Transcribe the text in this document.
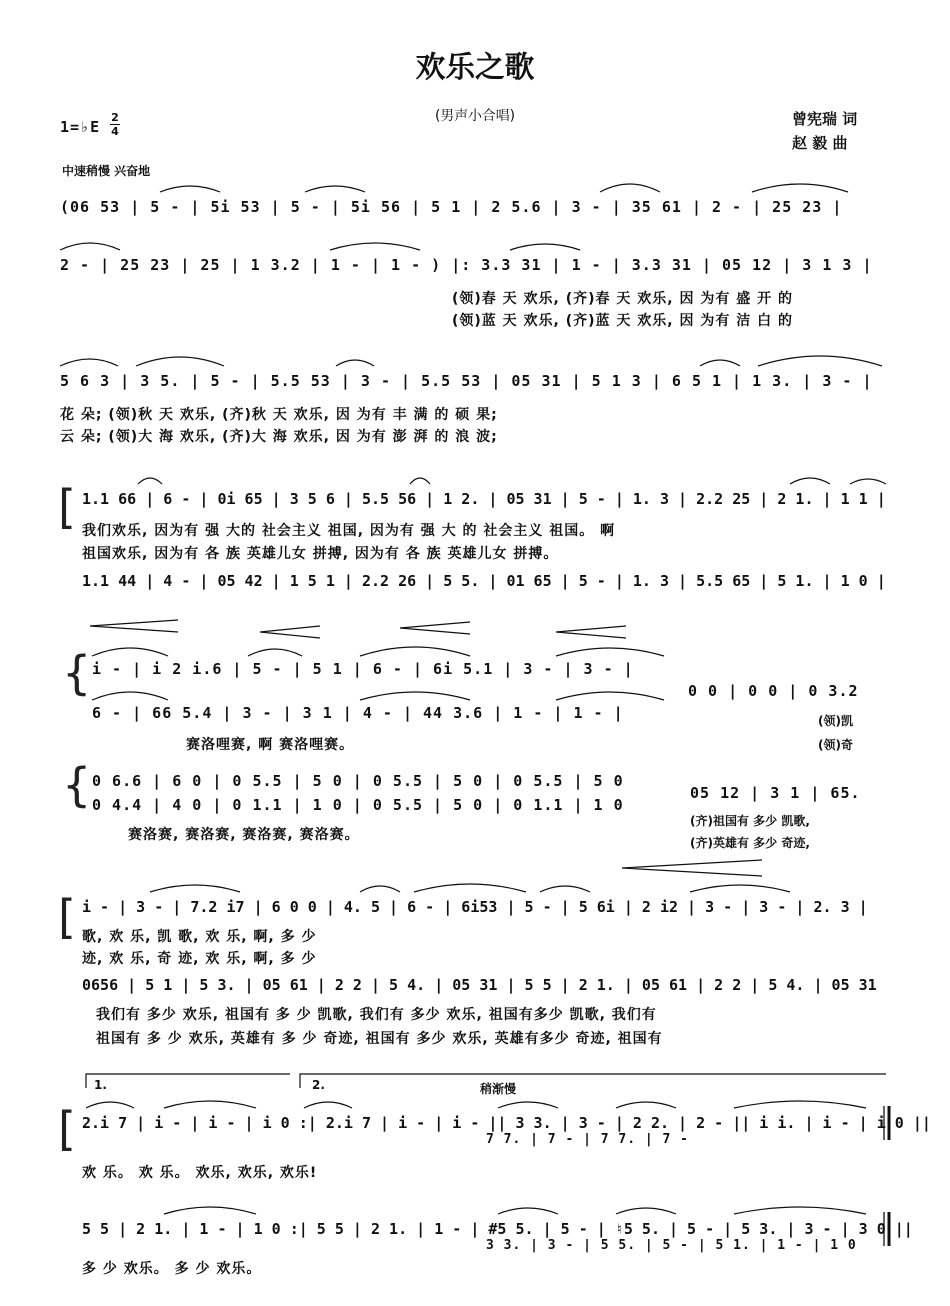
欢乐之歌
(男声小合唱)
1=♭E
2
4
曾宪瑞 词
赵 毅 曲
中速稍慢 兴奋地
(06 53 | 5 - | 5i 53 | 5 - | 5i 56 | 5 1 | 2 5.6 | 3 - | 35 61 | 2 - | 25 23 |
2 - | 25 23 | 25 | 1 3.2 | 1 - | 1 - ) |: 3.3 31 | 1 - | 3.3 31 | 05 12 | 3 1 3 |
(领)春 天 欢乐, (齐)春 天 欢乐, 因 为有 盛 开 的
(领)蓝 天 欢乐, (齐)蓝 天 欢乐, 因 为有 洁 白 的
5 6 3 | 3 5. | 5 - | 5.5 53 | 3 - | 5.5 53 | 05 31 | 5 1 3 | 6 5 1 | 1 3. | 3 - |
花 朵; (领)秋 天 欢乐, (齐)秋 天 欢乐, 因 为有 丰 满 的 硕 果;
云 朵; (领)大 海 欢乐, (齐)大 海 欢乐, 因 为有 澎 湃 的 浪 波;
[ 1.1 66 | 6 - | 0i 65 | 3 5 6 | 5.5 56 | 1 2. | 05 31 | 5 - | 1. 3 | 2.2 25 | 2 1. | 1 1 |
我们欢乐, 因为有 强 大的 社会主义 祖国, 因为有 强 大 的 社会主义 祖国。 啊
祖国欢乐, 因为有 各 族 英雄儿女 拼搏, 因为有 各 族 英雄儿女 拼搏。
1.1 44 | 4 - | 05 42 | 1 5 1 | 2.2 26 | 5 5. | 01 65 | 5 - | 1. 3 | 5.5 65 | 5 1. | 1 0 |
{ i - | i 2 i.6 | 5 - | 5 1 | 6 - | 6i 5.1 | 3 - | 3 - |
6 - | 66 5.4 | 3 - | 3 1 | 4 - | 44 3.6 | 1 - | 1 - |
0 0 | 0 0 | 0 3.2
赛洛哩赛, 啊 赛洛哩赛。
(领)凯
(领)奇
{ 0 6.6 | 6 0 | 0 5.5 | 5 0 | 0 5.5 | 5 0 | 0 5.5 | 5 0
0 4.4 | 4 0 | 0 1.1 | 1 0 | 0 5.5 | 5 0 | 0 1.1 | 1 0
05 12 | 3 1 | 65.
赛洛赛, 赛洛赛, 赛洛赛, 赛洛赛。
(齐)祖国有 多少 凯歌,
(齐)英雄有 多少 奇迹,
[ i - | 3 - | 7.2 i7 | 6 0 0 | 4. 5 | 6 - | 6i53 | 5 - | 5 6i | 2 i2 | 3 - | 3 - | 2. 3 |
歌, 欢 乐, 凯 歌, 欢 乐, 啊, 多 少
迹, 欢 乐, 奇 迹, 欢 乐, 啊, 多 少
0656 | 5 1 | 5 3. | 05 61 | 2 2 | 5 4. | 05 31 | 5 5 | 2 1. | 05 61 | 2 2 | 5 4. | 05 31
我们有 多少 欢乐, 祖国有 多 少 凯歌, 我们有 多少 欢乐, 祖国有多少 凯歌, 我们有
祖国有 多 少 欢乐, 英雄有 多 少 奇迹, 祖国有 多少 欢乐, 英雄有多少 奇迹, 祖国有
1.	2.	稍渐慢
[ 2.i 7 | i - | i - | i 0 :| 2.i 7 | i - | i - || 3 3. | 3 - | 2 2. | 2 - || i i. | i - | i 0 ||
7 7. | 7 - | 7 7. | 7 -
欢 乐。 欢 乐。 欢乐, 欢乐, 欢乐!
5 5 | 2 1. | 1 - | 1 0 :| 5 5 | 2 1. | 1 - | #5 5. | 5 - | ♮5 5. | 5 - | 5 3. | 3 - | 3 0 ||
3 3. | 3 - | 5 5. | 5 - | 5 1. | 1 - | 1 0
多 少 欢乐。 多 少 欢乐。
